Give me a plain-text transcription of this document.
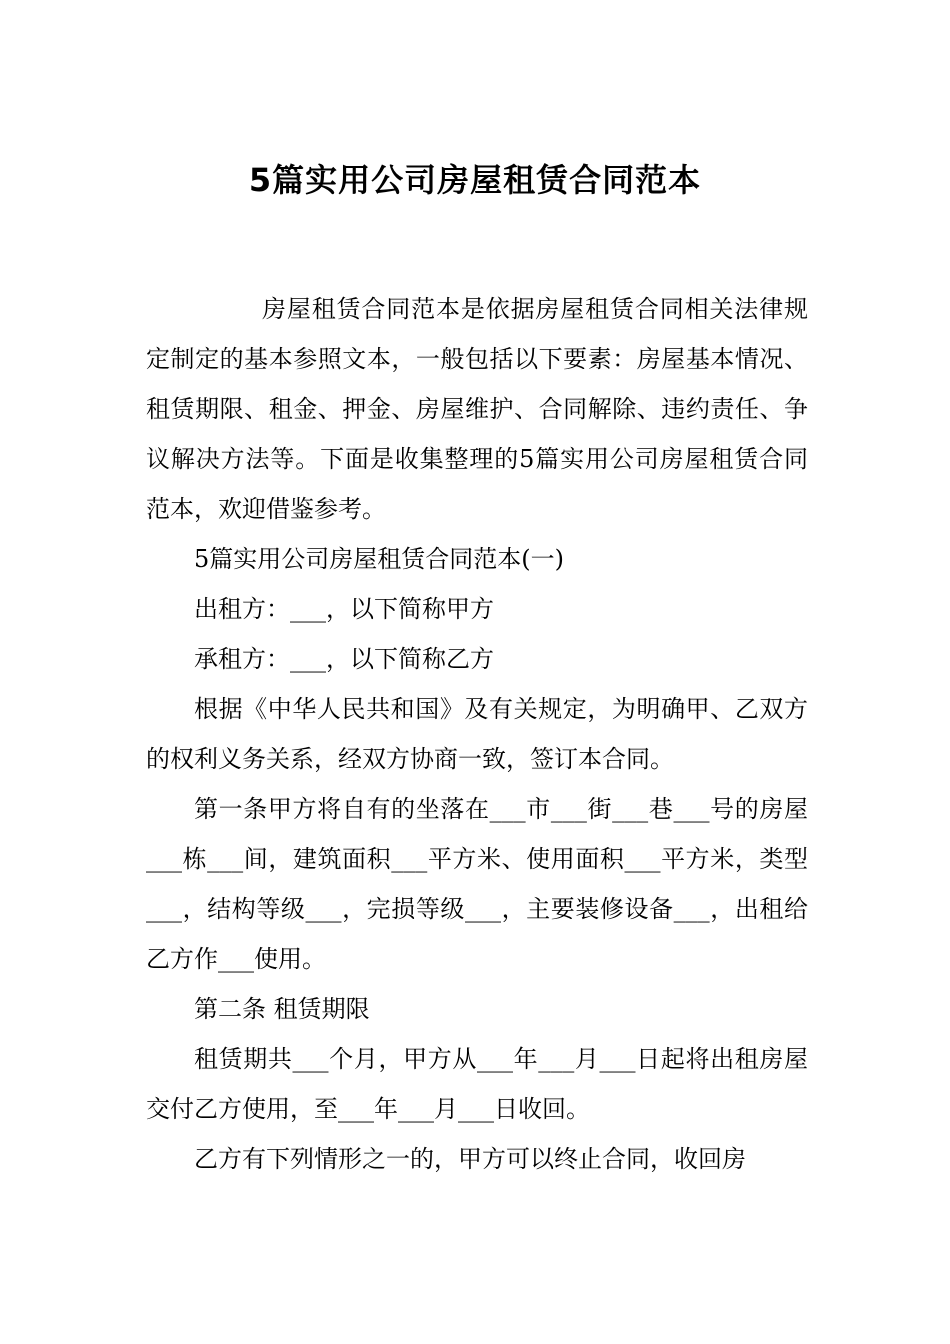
5篇实用公司房屋租赁合同范本

房屋租赁合同范本是依据房屋租赁合同相关法律规定制定的基本参照文本，一般包括以下要素：房屋基本情况、租赁期限、租金、押金、房屋维护、合同解除、违约责任、争议解决方法等。下面是收集整理的5篇实用公司房屋租赁合同范本，欢迎借鉴参考。

5篇实用公司房屋租赁合同范本(一)

出租方：___，以下简称甲方

承租方：___，以下简称乙方

根据《中华人民共和国》及有关规定，为明确甲、乙双方的权利义务关系，经双方协商一致，签订本合同。

第一条甲方将自有的坐落在___市___街___巷___号的房屋___栋___间，建筑面积___平方米、使用面积___平方米，类型___，结构等级___，完损等级___，主要装修设备___，出租给乙方作___使用。

第二条 租赁期限

租赁期共___个月，甲方从___年___月___日起将出租房屋交付乙方使用，至___年___月___日收回。

乙方有下列情形之一的，甲方可以终止合同，收回房
